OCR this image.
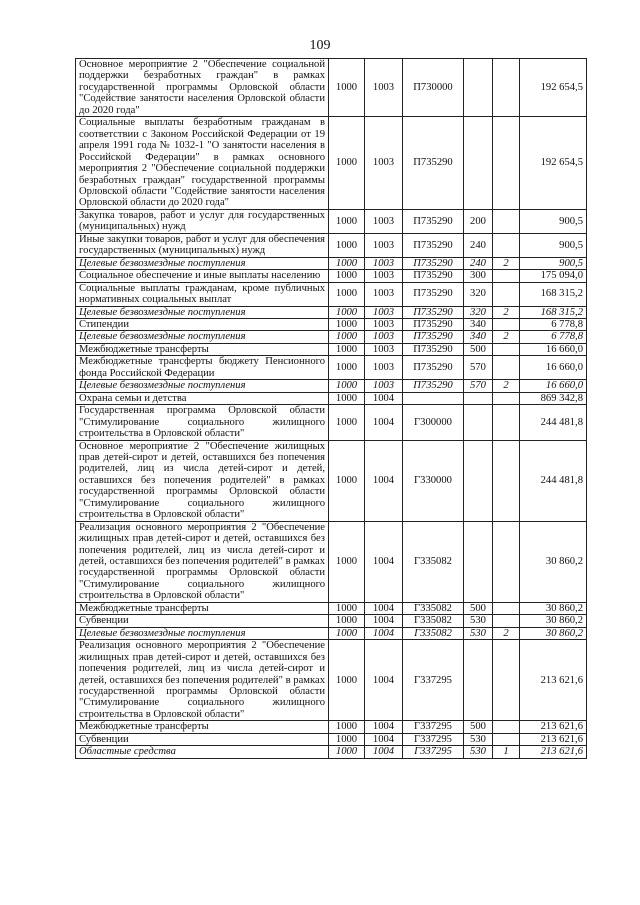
109
Основное мероприятие 2 "Обеспечение социальной поддержки безработных граждан" в рамках государственной программы Орловской области "Содействие занятости населения Орловской области до 2020 года"	1000	1003	П730000			192 654,5
Социальные выплаты безработным гражданам в соответствии с Законом Российской Федерации от 19 апреля 1991 года № 1032-1 "О занятости населения в Российской Федерации" в рамках основного мероприятия 2 "Обеспечение социальной поддержки безработных граждан" государственной программы Орловской области "Содействие занятости населения Орловской области до 2020 года"	1000	1003	П735290			192 654,5
Закупка товаров, работ и услуг для государственных (муниципальных) нужд	1000	1003	П735290	200		900,5
Иные закупки товаров, работ и услуг для обеспечения государственных (муниципальных) нужд	1000	1003	П735290	240		900,5
Целевые безвозмездные поступления	1000	1003	П735290	240	2	900,5
Социальное обеспечение и иные выплаты населению	1000	1003	П735290	300		175 094,0
Социальные выплаты гражданам, кроме публичных нормативных социальных выплат	1000	1003	П735290	320		168 315,2
Целевые безвозмездные поступления	1000	1003	П735290	320	2	168 315,2
Стипендии	1000	1003	П735290	340		6 778,8
Целевые безвозмездные поступления	1000	1003	П735290	340	2	6 778,8
Межбюджетные трансферты	1000	1003	П735290	500		16 660,0
Межбюджетные трансферты бюджету Пенсионного фонда Российской Федерации	1000	1003	П735290	570		16 660,0
Целевые безвозмездные поступления	1000	1003	П735290	570	2	16 660,0
Охрана семьи и детства	1000	1004				869 342,8
Государственная программа Орловской области "Стимулирование социального жилищного строительства в Орловской области"	1000	1004	Г300000			244 481,8
Основное мероприятие 2 "Обеспечение жилищных прав детей-сирот и детей, оставшихся без попечения родителей, лиц из числа детей-сирот и детей, оставшихся без попечения родителей" в рамках государственной программы Орловской области "Стимулирование социального жилищного строительства в Орловской области"	1000	1004	Г330000			244 481,8
Реализация основного мероприятия 2 "Обеспечение жилищных прав детей-сирот и детей, оставшихся без попечения родителей, лиц из числа детей-сирот и детей, оставшихся без попечения родителей" в рамках государственной программы Орловской области "Стимулирование социального жилищного строительства в Орловской области"	1000	1004	Г335082			30 860,2
Межбюджетные трансферты	1000	1004	Г335082	500		30 860,2
Субвенции	1000	1004	Г335082	530		30 860,2
Целевые безвозмездные поступления	1000	1004	Г335082	530	2	30 860,2
Реализация основного мероприятия 2 "Обеспечение жилищных прав детей-сирот и детей, оставшихся без попечения родителей, лиц из числа детей-сирот и детей, оставшихся без попечения родителей" в рамках государственной программы Орловской области "Стимулирование социального жилищного строительства в Орловской области"	1000	1004	Г337295			213 621,6
Межбюджетные трансферты	1000	1004	Г337295	500		213 621,6
Субвенции	1000	1004	Г337295	530		213 621,6
Областные средства	1000	1004	Г337295	530	1	213 621,6
